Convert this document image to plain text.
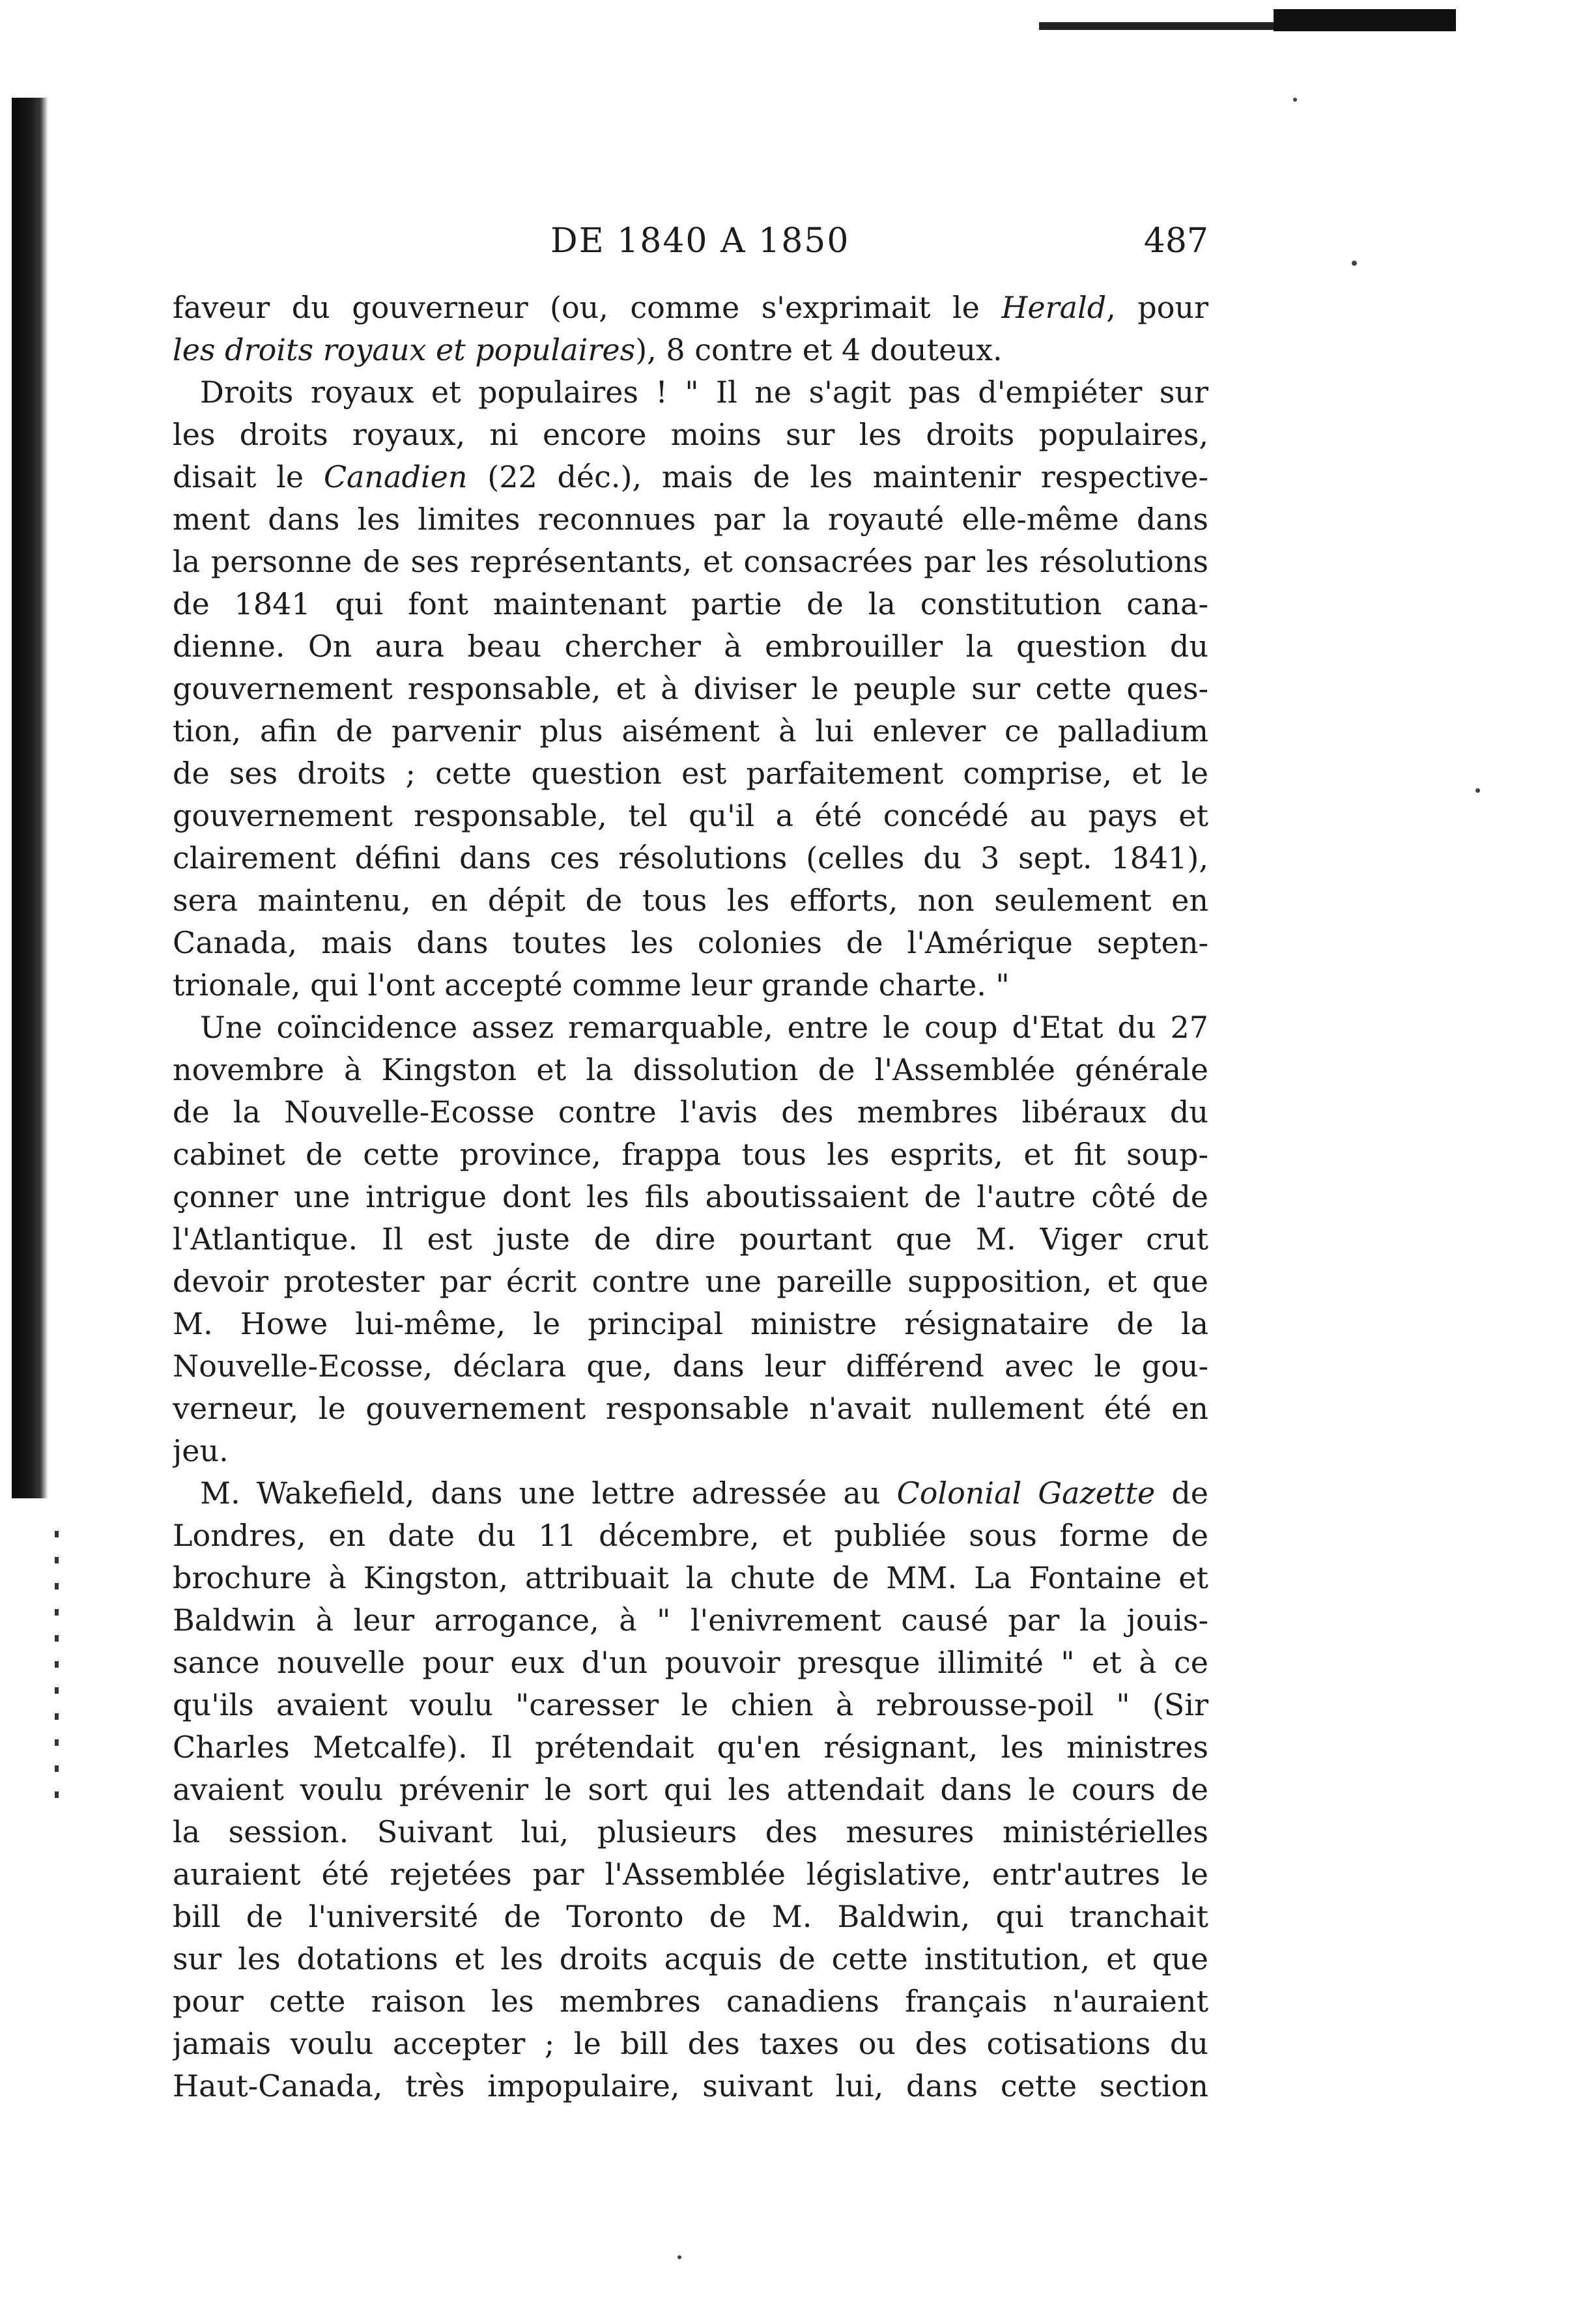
DE 1840 A 1850	487
faveur du gouverneur (ou, comme s'exprimait le Herald, pour
les droits royaux et populaires), 8 contre et 4 douteux.
Droits royaux et populaires ! " Il ne s'agit pas d'empiéter sur
les droits royaux, ni encore moins sur les droits populaires,
disait le Canadien (22 déc.), mais de les maintenir respective-
ment dans les limites reconnues par la royauté elle-même dans
la personne de ses représentants, et consacrées par les résolutions
de 1841 qui font maintenant partie de la constitution cana-
dienne. On aura beau chercher à embrouiller la question du
gouvernement responsable, et à diviser le peuple sur cette ques-
tion, afin de parvenir plus aisément à lui enlever ce palladium
de ses droits ; cette question est parfaitement comprise, et le
gouvernement responsable, tel qu'il a été concédé au pays et
clairement défini dans ces résolutions (celles du 3 sept. 1841),
sera maintenu, en dépit de tous les efforts, non seulement en
Canada, mais dans toutes les colonies de l'Amérique septen-
trionale, qui l'ont accepté comme leur grande charte. "
Une coïncidence assez remarquable, entre le coup d'Etat du 27
novembre à Kingston et la dissolution de l'Assemblée générale
de la Nouvelle-Ecosse contre l'avis des membres libéraux du
cabinet de cette province, frappa tous les esprits, et fit soup-
çonner une intrigue dont les fils aboutissaient de l'autre côté de
l'Atlantique. Il est juste de dire pourtant que M. Viger crut
devoir protester par écrit contre une pareille supposition, et que
M. Howe lui-même, le principal ministre résignataire de la
Nouvelle-Ecosse, déclara que, dans leur différend avec le gou-
verneur, le gouvernement responsable n'avait nullement été en
jeu.
M. Wakefield, dans une lettre adressée au Colonial Gazette de
Londres, en date du 11 décembre, et publiée sous forme de
brochure à Kingston, attribuait la chute de MM. La Fontaine et
Baldwin à leur arrogance, à " l'enivrement causé par la jouis-
sance nouvelle pour eux d'un pouvoir presque illimité " et à ce
qu'ils avaient voulu "caresser le chien à rebrousse-poil " (Sir
Charles Metcalfe). Il prétendait qu'en résignant, les ministres
avaient voulu prévenir le sort qui les attendait dans le cours de
la session. Suivant lui, plusieurs des mesures ministérielles
auraient été rejetées par l'Assemblée législative, entr'autres le
bill de l'université de Toronto de M. Baldwin, qui tranchait
sur les dotations et les droits acquis de cette institution, et que
pour cette raison les membres canadiens français n'auraient
jamais voulu accepter ; le bill des taxes ou des cotisations du
Haut-Canada, très impopulaire, suivant lui, dans cette section
